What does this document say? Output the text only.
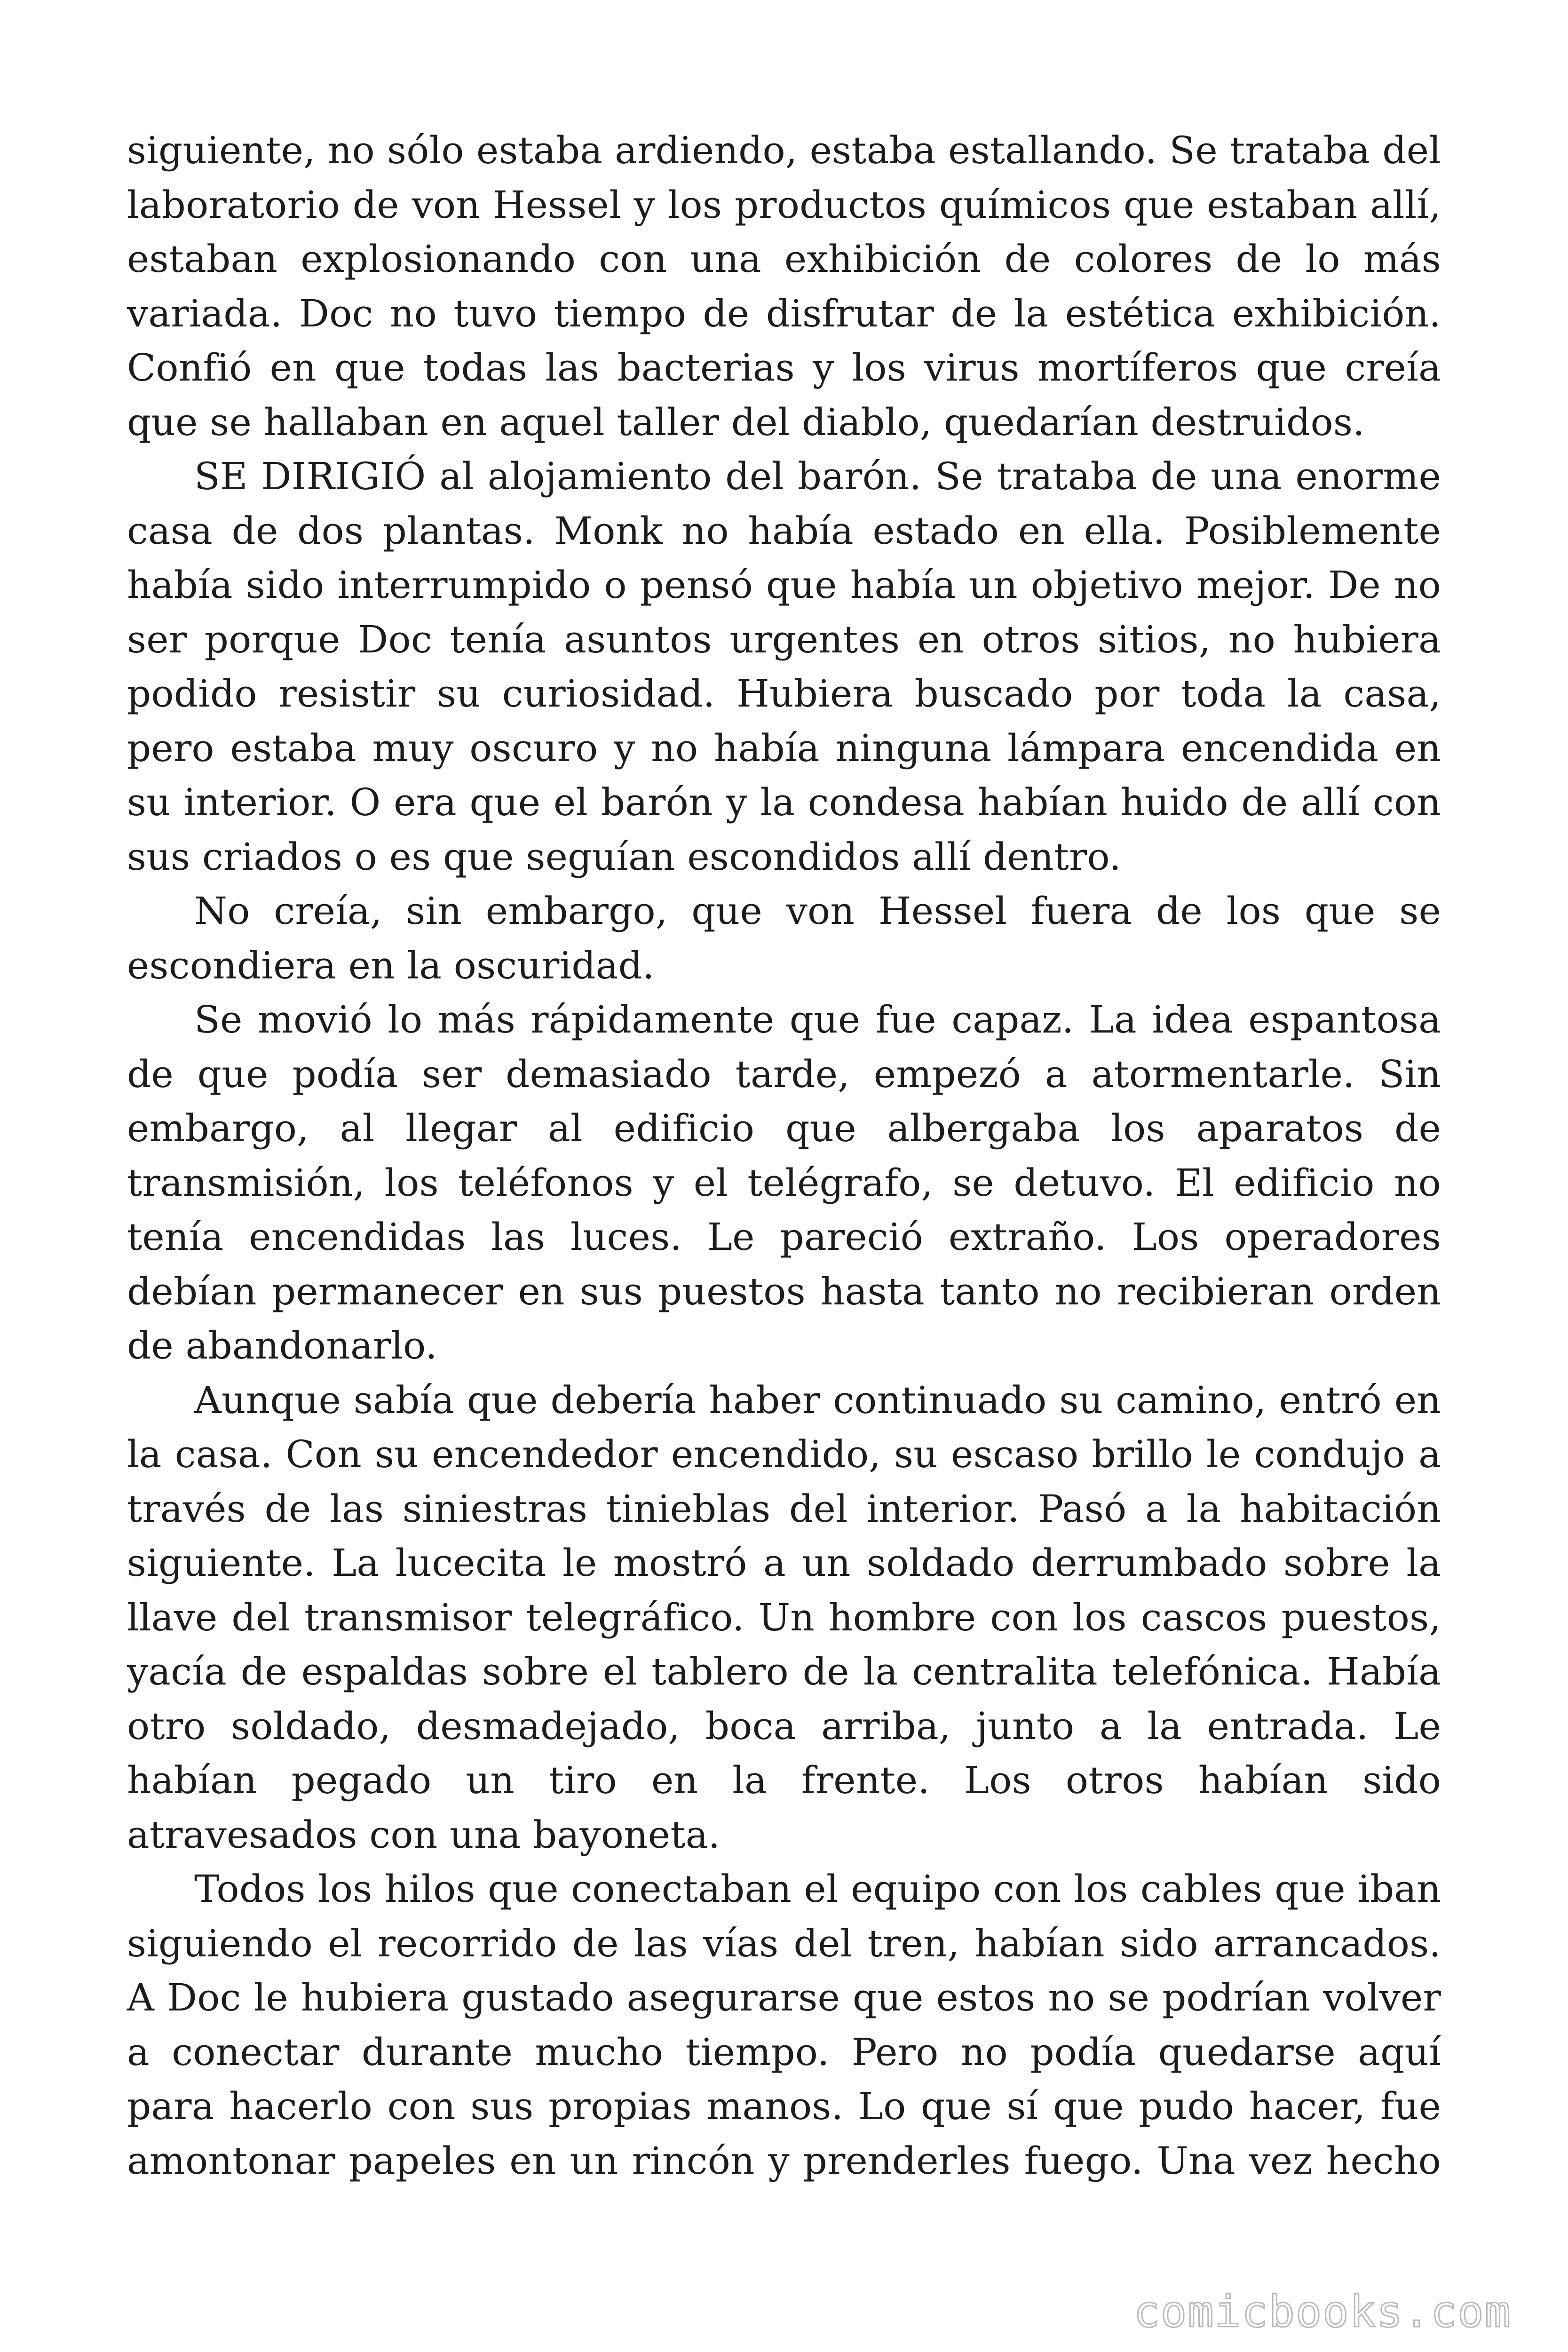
siguiente, no sólo estaba ardiendo, estaba estallando. Se trataba del laboratorio de von Hessel y los productos químicos que estaban allí, estaban explosionando con una exhibición de colores de lo más variada. Doc no tuvo tiempo de disfrutar de la estética exhibición. Confió en que todas las bacterias y los virus mortíferos que creía que se hallaban en aquel taller del diablo, quedarían destruidos.

SE DIRIGIÓ al alojamiento del barón. Se trataba de una enorme casa de dos plantas. Monk no había estado en ella. Posiblemente había sido interrumpido o pensó que había un objetivo mejor. De no ser porque Doc tenía asuntos urgentes en otros sitios, no hubiera podido resistir su curiosidad. Hubiera buscado por toda la casa, pero estaba muy oscuro y no había ninguna lámpara encendida en su interior. O era que el barón y la condesa habían huido de allí con sus criados o es que seguían escondidos allí dentro.

No creía, sin embargo, que von Hessel fuera de los que se escondiera en la oscuridad.

Se movió lo más rápidamente que fue capaz. La idea espantosa de que podía ser demasiado tarde, empezó a atormentarle. Sin embargo, al llegar al edificio que albergaba los aparatos de transmisión, los teléfonos y el telégrafo, se detuvo. El edificio no tenía encendidas las luces. Le pareció extraño. Los operadores debían permanecer en sus puestos hasta tanto no recibieran orden de abandonarlo.

Aunque sabía que debería haber continuado su camino, entró en la casa. Con su encendedor encendido, su escaso brillo le condujo a través de las siniestras tinieblas del interior. Pasó a la habitación siguiente. La lucecita le mostró a un soldado derrumbado sobre la llave del transmisor telegráfico. Un hombre con los cascos puestos, yacía de espaldas sobre el tablero de la centralita telefónica. Había otro soldado, desmadejado, boca arriba, junto a la entrada. Le habían pegado un tiro en la frente. Los otros habían sido atravesados con una bayoneta.

Todos los hilos que conectaban el equipo con los cables que iban siguiendo el recorrido de las vías del tren, habían sido arrancados. A Doc le hubiera gustado asegurarse que estos no se podrían volver a conectar durante mucho tiempo. Pero no podía quedarse aquí para hacerlo con sus propias manos. Lo que sí que pudo hacer, fue amontonar papeles en un rincón y prenderles fuego. Una vez hecho

comicbooks.com
